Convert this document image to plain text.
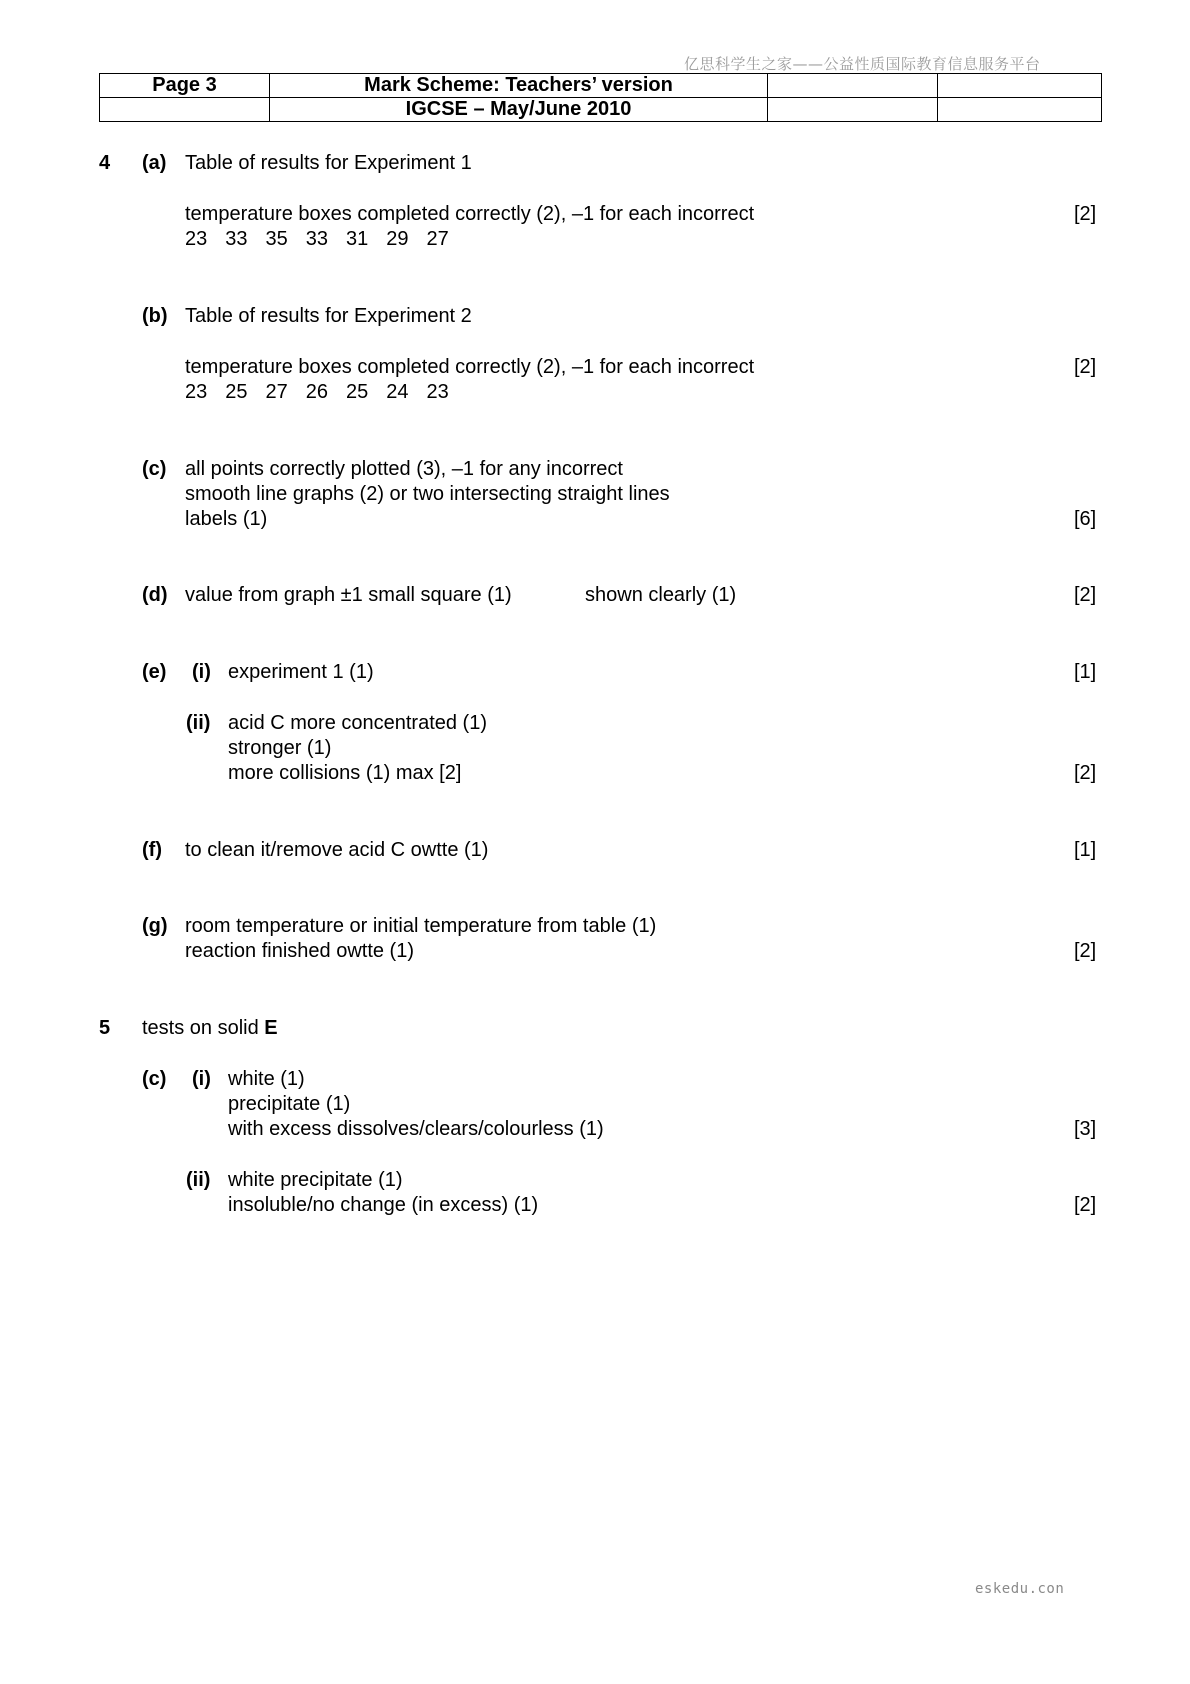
亿思科学生之家——公益性质国际教育信息服务平台
Page 3	Mark Scheme: Teachers’ version		
	IGCSE – May/June 2010		
4 (a) Table of results for Experiment 1
temperature boxes completed correctly (2), –1 for each incorrect	[2]
23 33 35 33 31 29 27
(b) Table of results for Experiment 2
temperature boxes completed correctly (2), –1 for each incorrect	[2]
23 25 27 26 25 24 23
(c) all points correctly plotted (3), –1 for any incorrect
smooth line graphs (2) or two intersecting straight lines
labels (1)	[6]
(d) value from graph ±1 small square (1)	shown clearly (1)	[2]
(e) (i) experiment 1 (1)	[1]
(ii) acid C more concentrated (1)
stronger (1)
more collisions (1) max [2]	[2]
(f) to clean it/remove acid C owtte (1)	[1]
(g) room temperature or initial temperature from table (1)
reaction finished owtte (1)	[2]
5 tests on solid E
(c) (i) white (1)
precipitate (1)
with excess dissolves/clears/colourless (1)	[3]
(ii) white precipitate (1)
insoluble/no change (in excess) (1)	[2]
eskedu.con
